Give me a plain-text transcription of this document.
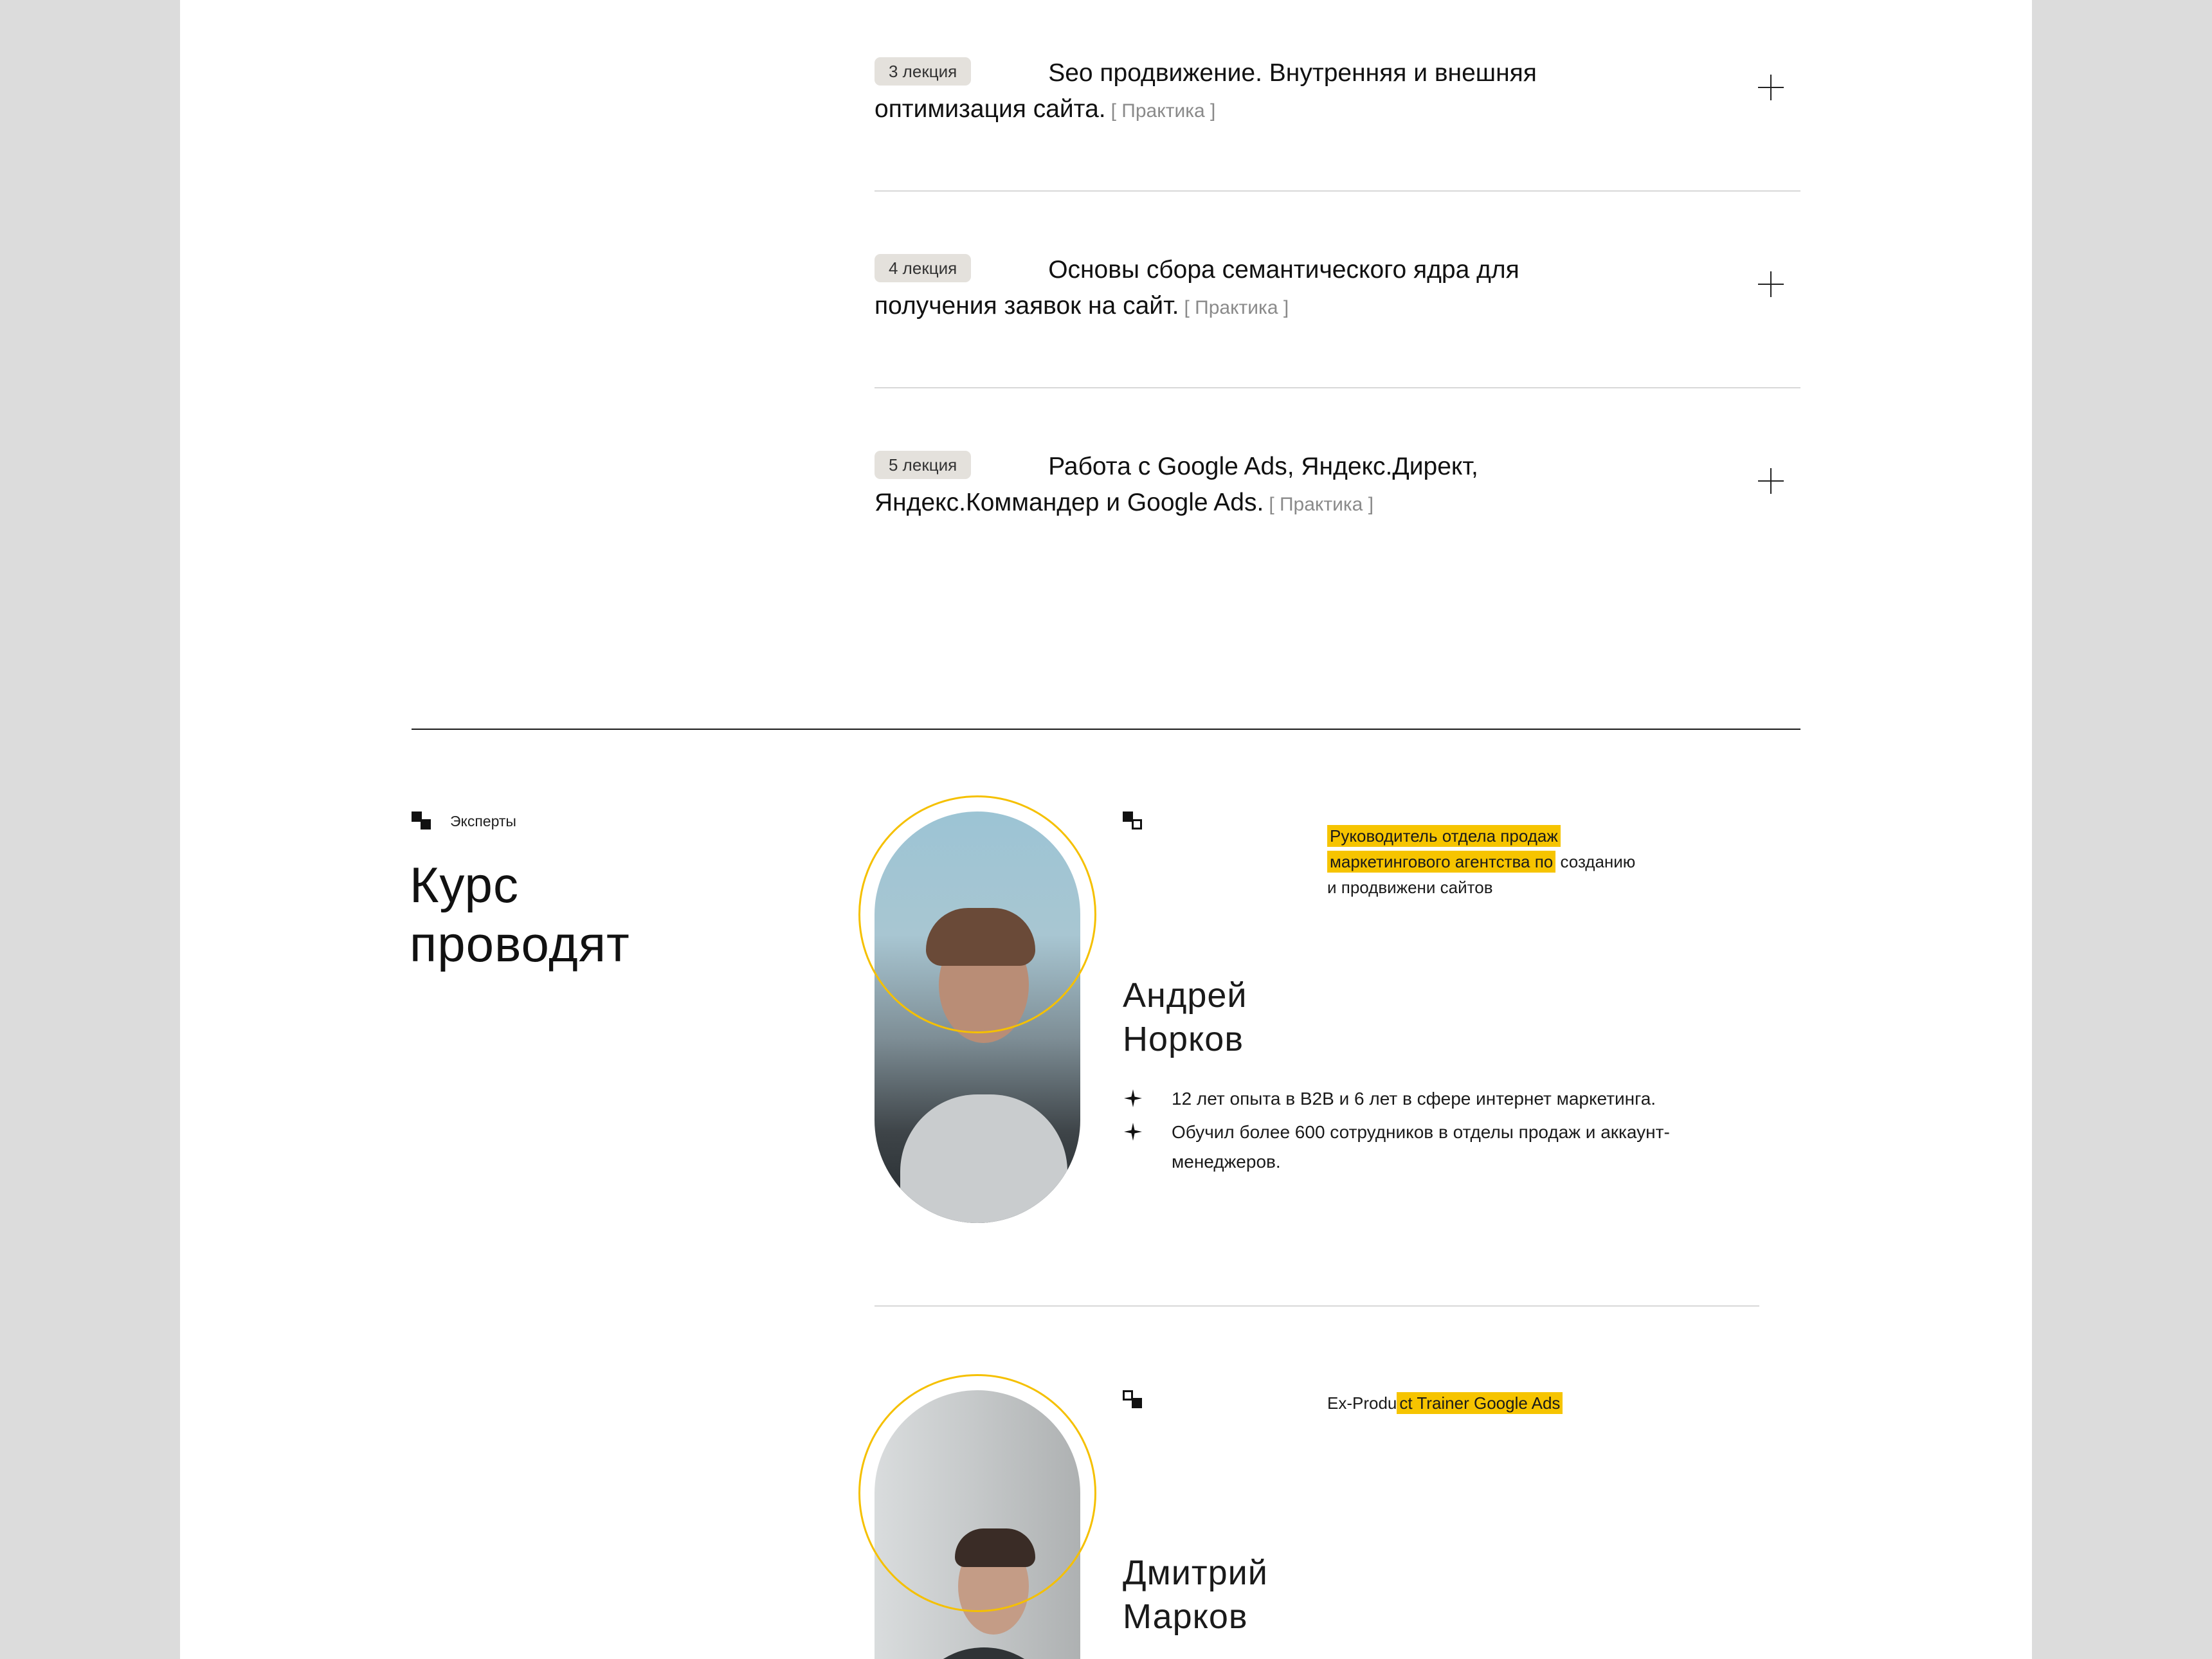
3 лекция	Seo продвижение. Внутренняя и внешняя оптимизация сайта. [ Практика ]
4 лекция	Основы сбора семантического ядра для получения заявок на сайт. [ Практика ]
5 лекция	Работа с Google Ads, Яндекс.Директ, Яндекс.Коммандер и Google Ads. [ Практика ]
Эксперты
Курс
проводят
Руководитель отдела продаж
маркетингового агентства по созданию
и продвижени сайтов
Андрей
Норков
12 лет опыта в B2B и 6 лет в сфере интернет маркетинга.
Обучил более 600 сотрудников в отделы продаж и аккаунт-менеджеров.
Ex-Produ ct Trainer Google Ads
Дмитрий
Марков
